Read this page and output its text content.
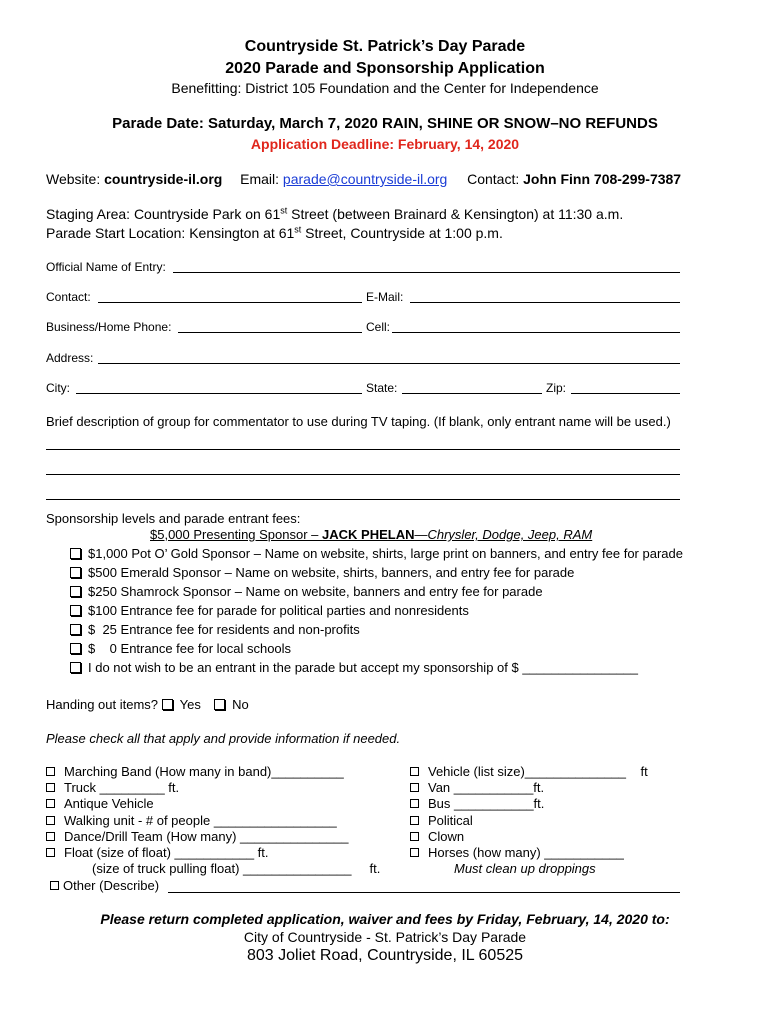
Countryside St. Patrick’s Day Parade
2020 Parade and Sponsorship Application
Benefitting: District 105 Foundation and the Center for Independence
Parade Date: Saturday, March 7, 2020 RAIN, SHINE OR SNOW–NO REFUNDS
Application Deadline: February, 14, 2020
Website: countryside-il.org Email: parade@countryside-il.org Contact: John Finn 708-299-7387
Staging Area: Countryside Park on 61st Street (between Brainard & Kensington) at 11:30 a.m.
Parade Start Location: Kensington at 61st Street, Countryside at 1:00 p.m.
Official Name of Entry:
Contact:	E-Mail:
Business/Home Phone:	Cell:
Address:
City:	State:	Zip:
Brief description of group for commentator to use during TV taping. (If blank, only entrant name will be used.)
Sponsorship levels and parade entrant fees:
$5,000 Presenting Sponsor – JACK PHELAN—Chrysler, Dodge, Jeep, RAM
$1,000 Pot O’ Gold Sponsor – Name on website, shirts, large print on banners, and entry fee for parade
$500 Emerald Sponsor – Name on website, shirts, banners, and entry fee for parade
$250 Shamrock Sponsor – Name on website, banners and entry fee for parade
$100 Entrance fee for parade for political parties and nonresidents
$  25 Entrance fee for residents and non-profits
$    0 Entrance fee for local schools
I do not wish to be an entrant in the parade but accept my sponsorship of $ ________________
Handing out items? Yes No
Please check all that apply and provide information if needed.
Marching Band (How many in band)__________
Truck _________ ft.
Antique Vehicle
Walking unit - # of people _________________
Dance/Drill Team (How many) _______________
Float (size of float) ___________ ft.
(size of truck pulling float) _______________     ft.
Vehicle (list size)______________    ft
Van ___________ft.
Bus ___________ft.
Political
Clown
Horses (how many) ___________
Must clean up droppings
Other (Describe)
Please return completed application, waiver and fees by Friday, February, 14, 2020 to:
City of Countryside - St. Patrick’s Day Parade
803 Joliet Road, Countryside, IL 60525
